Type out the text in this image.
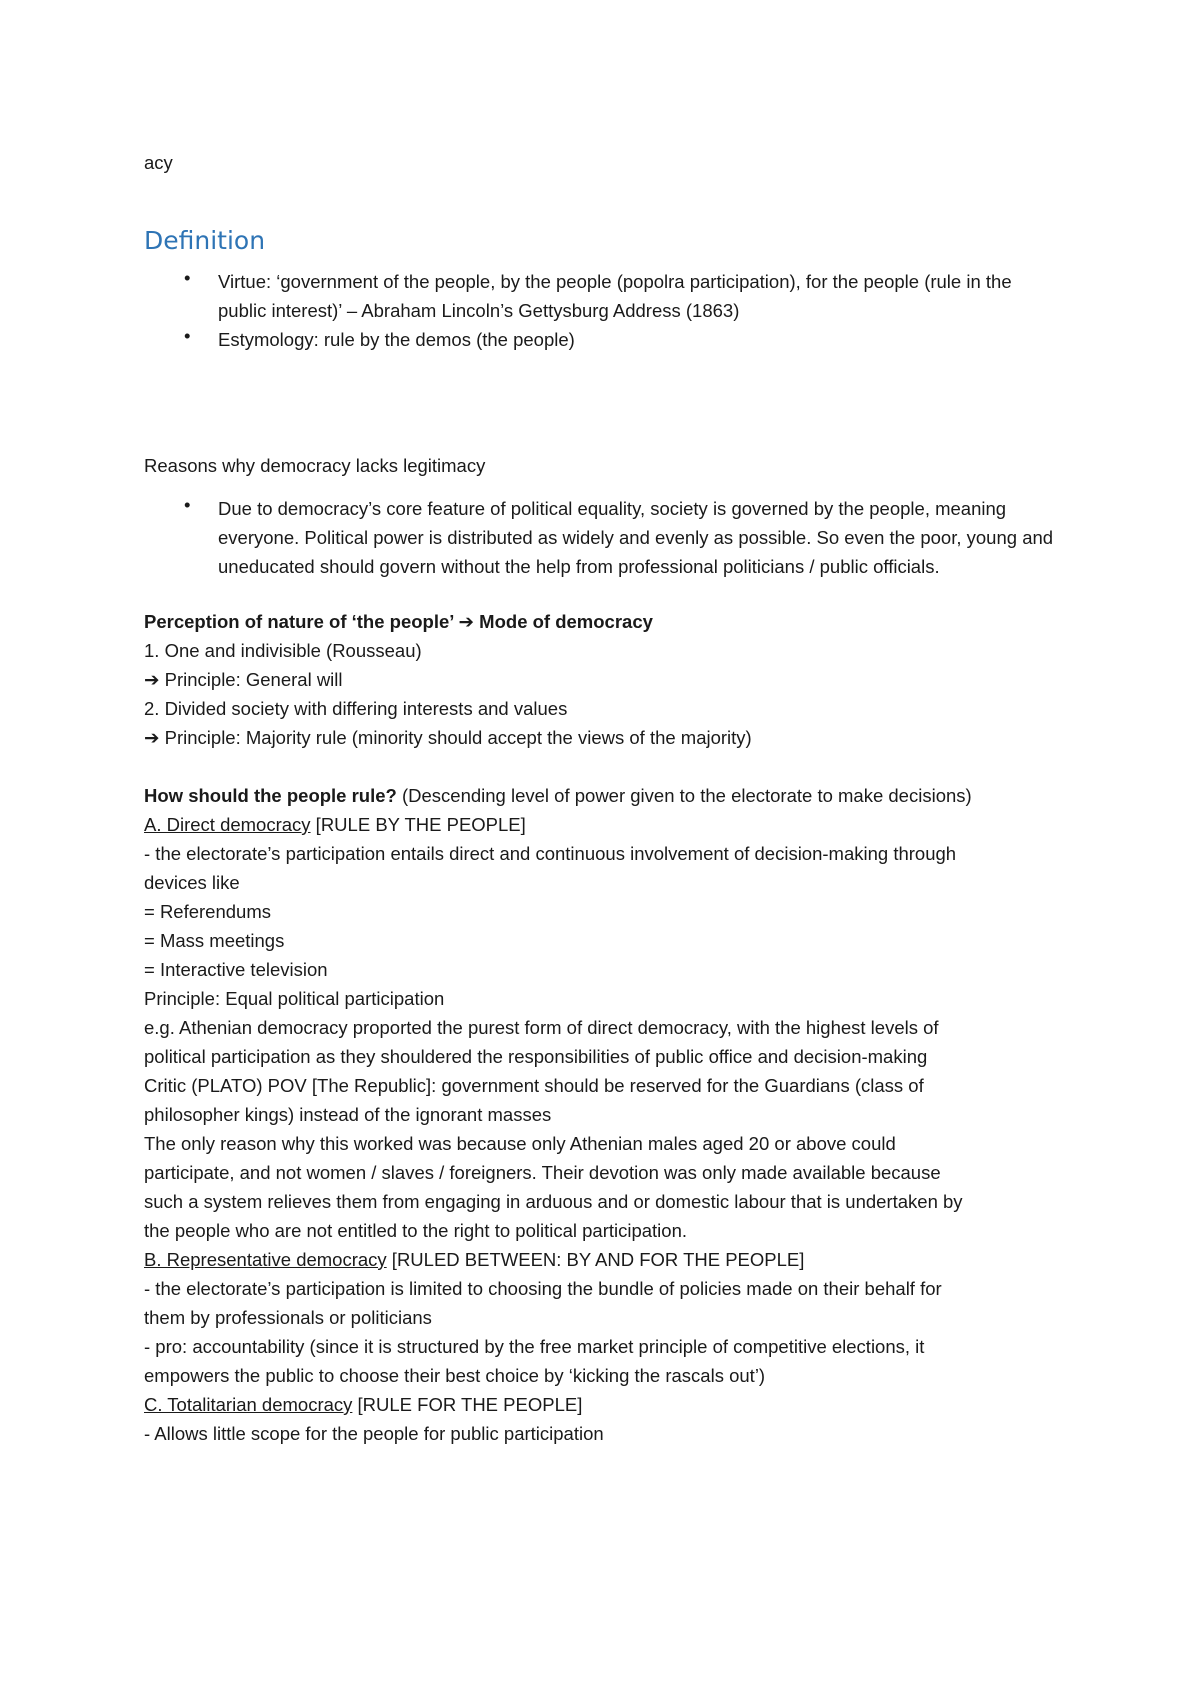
acy
Definition
• Virtue: ‘government of the people, by the people (popolra participation), for the people (rule in the public interest)’ – Abraham Lincoln’s Gettysburg Address (1863)
• Estymology: rule by the demos (the people)
Reasons why democracy lacks legitimacy
• Due to democracy’s core feature of political equality, society is governed by the people, meaning everyone. Political power is distributed as widely and evenly as possible. So even the poor, young and uneducated should govern without the help from professional politicians / public officials.
Perception of nature of ‘the people’ ➔ Mode of democracy
1. One and indivisible (Rousseau)
➔ Principle: General will
2. Divided society with differing interests and values
➔ Principle: Majority rule (minority should accept the views of the majority)
How should the people rule? (Descending level of power given to the electorate to make decisions)
A. Direct democracy [RULE BY THE PEOPLE]
- the electorate’s participation entails direct and continuous involvement of decision-making through
devices like
= Referendums
= Mass meetings
= Interactive television
Principle: Equal political participation
e.g. Athenian democracy proported the purest form of direct democracy, with the highest levels of
political participation as they shouldered the responsibilities of public office and decision-making
Critic (PLATO) POV [The Republic]: government should be reserved for the Guardians (class of
philosopher kings) instead of the ignorant masses
The only reason why this worked was because only Athenian males aged 20 or above could
participate, and not women / slaves / foreigners. Their devotion was only made available because
such a system relieves them from engaging in arduous and or domestic labour that is undertaken by
the people who are not entitled to the right to political participation.
B. Representative democracy [RULED BETWEEN: BY AND FOR THE PEOPLE]
- the electorate’s participation is limited to choosing the bundle of policies made on their behalf for
them by professionals or politicians
- pro: accountability (since it is structured by the free market principle of competitive elections, it
empowers the public to choose their best choice by ‘kicking the rascals out’)
C. Totalitarian democracy [RULE FOR THE PEOPLE]
- Allows little scope for the people for public participation
